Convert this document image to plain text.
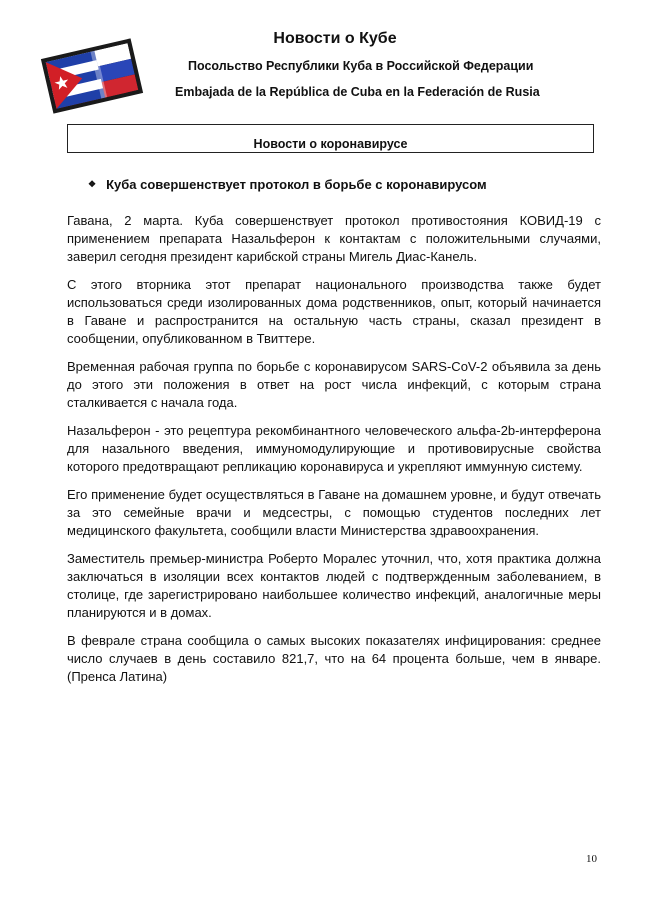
Новости о Кубе
Посольство Республики Куба в Российской Федерации
Embajada de la República de Cuba en la Federación de Rusia
Новости о коронавирусе
❖ Куба совершенствует протокол в борьбе с коронавирусом

Гавана, 2 марта. Куба совершенствует протокол противостояния КОВИД-19 с применением препарата Назальферон к контактам с положительными случаями, заверил сегодня президент карибской страны Мигель Диас-Канель.

С этого вторника этот препарат национального производства также будет использоваться среди изолированных дома родственников, опыт, который начинается в Гаване и распространится на остальную часть страны, сказал президент в сообщении, опубликованном в Твиттере.

Временная рабочая группа по борьбе с коронавирусом SARS-CoV-2 объявила за день до этого эти положения в ответ на рост числа инфекций, с которым страна сталкивается с начала года.

Назальферон - это рецептура рекомбинантного человеческого альфа-2b-интерферона для назального введения, иммуномодулирующие и противовирусные свойства которого предотвращают репликацию коронавируса и укрепляют иммунную систему.

Его применение будет осуществляться в Гаване на домашнем уровне, и будут отвечать за это семейные врачи и медсестры, с помощью студентов последних лет медицинского факультета, сообщили власти Министерства здравоохранения.

Заместитель премьер-министра Роберто Моралес уточнил, что, хотя практика должна заключаться в изоляции всех контактов людей с подтвержденным заболеванием, в столице, где зарегистрировано наибольшее количество инфекций, аналогичные меры планируются и в домах.

В феврале страна сообщила о самых высоких показателях инфицирования: среднее число случаев в день составило 821,7, что на 64 процента больше, чем в январе. (Пренса Латина)

10
